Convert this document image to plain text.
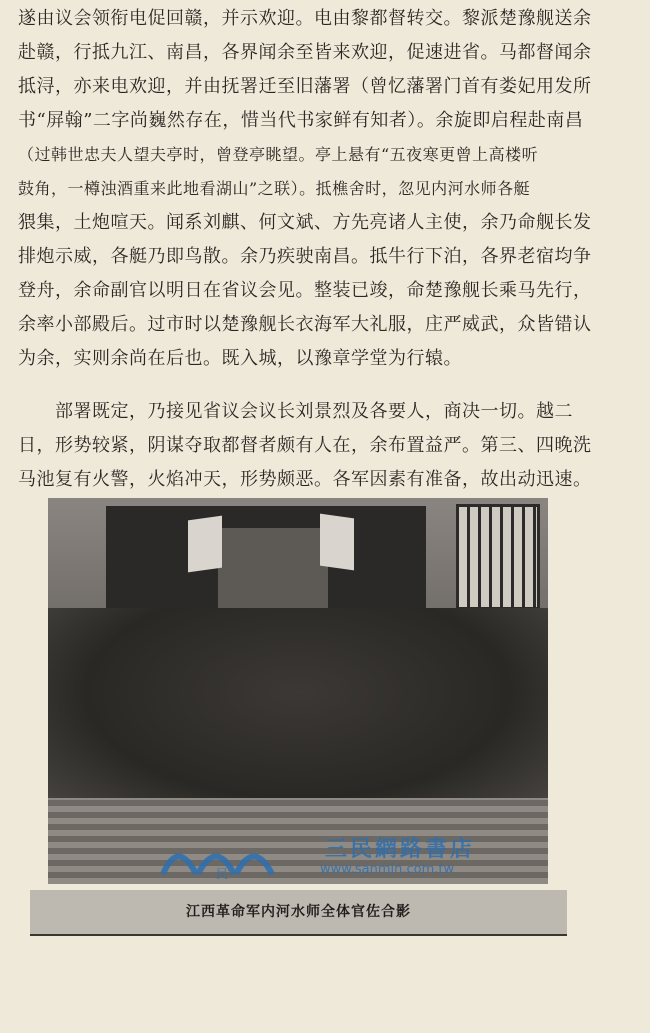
遂由议会领衔电促回赣，并示欢迎。电由黎都督转交。黎派楚豫舰送余
赴赣，行抵九江、南昌，各界闻余至皆来欢迎，促速进省。马都督闻余
抵浔，亦来电欢迎，并由抚署迁至旧藩署（曾忆藩署门首有娄妃用发所
书“屏翰”二字尚巍然存在，惜当代书家鲜有知者）。余旋即启程赴南昌
（过韩世忠夫人望夫亭时，曾登亭眺望。亭上悬有“五夜寒更曾上高楼听
鼓角，一樽浊酒重来此地看湖山”之联）。抵樵舍时，忽见内河水师各艇
猥集，土炮喧天。闻系刘麒、何文斌、方先亮诸人主使，余乃命舰长发
排炮示威，各艇乃即鸟散。余乃疾驶南昌。抵牛行下泊，各界老宿均争
登舟，余命副官以明日在省议会见。整装已竣，命楚豫舰长乘马先行，
余率小部殿后。过市时以楚豫舰长衣海军大礼服，庄严威武，众皆错认
为余，实则余尚在后也。既入城，以豫章学堂为行辕。
　　部署既定，乃接见省议会议长刘景烈及各要人，商决一切。越二
日，形势较紧，阴谋夺取都督者颇有人在，余布置益严。第三、四晚洗
马池复有火警，火焰冲天，形势颇恶。各军因素有准备，故出动迅速。
民
三民網路書店
www.sanmin.com.tw
江西革命军内河水师全体官佐合影
